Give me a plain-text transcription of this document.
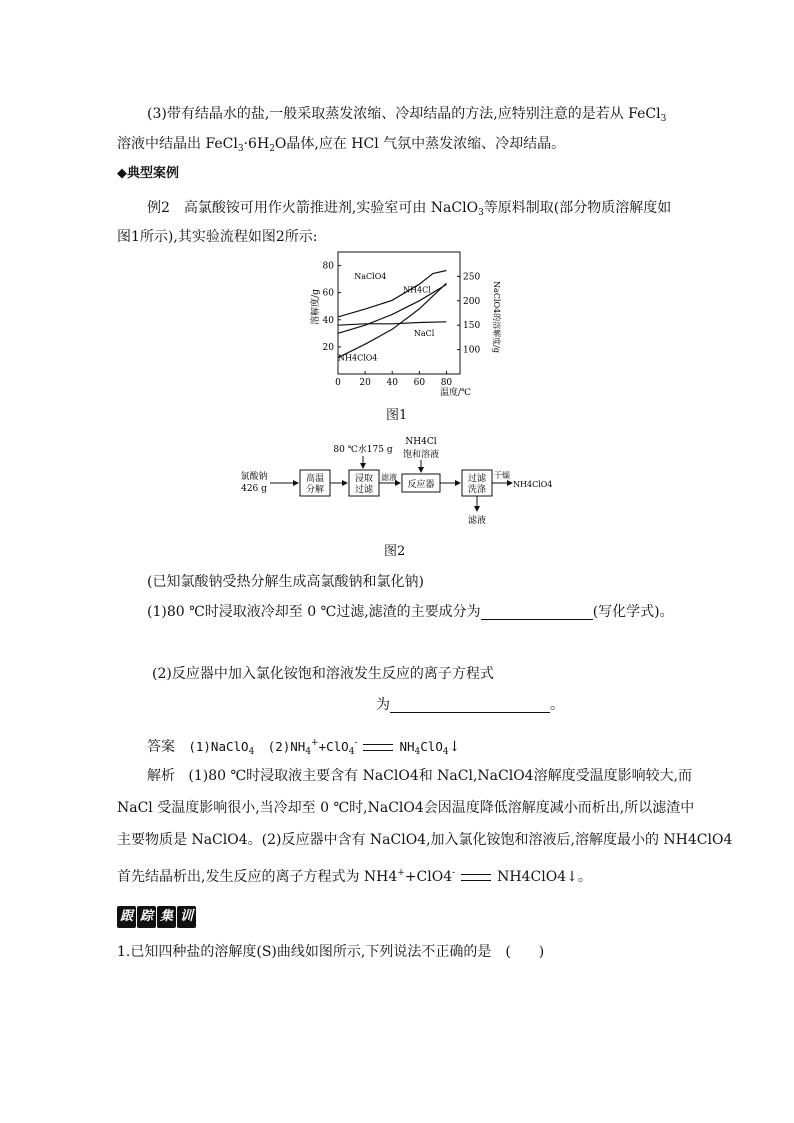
(3)带有结晶水的盐,一般采取蒸发浓缩、冷却结晶的方法,应特别注意的是若从 FeCl$_3$
溶液中结晶出 $FeCl_3\cdot 6H_2O$晶体,应在 HCl 气氛中蒸发浓缩、冷却结晶。
◆典型案例
例2　高氯酸铵可用作火箭推进剂,实验室可由 NaClO$_3$等原料制取(部分物质溶解度如
图1所示),其实验流程如图2所示:
0 20 40 60 80
20
40
60
80
100
150
200
250
NaClO4
NH4Cl
NaCl
NH4ClO4
溶解度/g	NaClO4的溶解度/g
温度/℃
图1
氯酸钠
426 g
高温
分解
80 ℃水175 g
浸取
过滤
滤液
NH4Cl
饱和溶液
反应器
过滤
洗涤
干燥
NH4ClO4
滤液
图2
(已知氯酸钠受热分解生成高氯酸钠和氯化钠)
(1)80 ℃时浸取液冷却至 0 ℃过滤,滤渣的主要成分为	(写化学式)。
(2)反应器中加入氯化铵饱和溶液发生反应的离子方程式
为	。
答案 (1)NaClO$_4$ $(2)NH_4^++ClO_4^-$	$NH_4ClO_4↓$
解析 (1)80 ℃时浸取液主要含有 NaClO4和 NaCl,NaClO4溶解度受温度影响较大,而
NaCl 受温度影响很小,当冷却至 0 ℃时,NaClO4会因温度降低溶解度减小而析出,所以滤渣中
主要物质是 NaClO4。(2)反应器中含有 NaClO4,加入氯化铵饱和溶液后,溶解度最小的 NH4ClO4
首先结晶析出,发生反应的离子方程式为 NH4++ClO4-	NH4ClO4↓。
跟 踪 集 训
1.已知四种盐的溶解度(S)曲线如图所示,下列说法不正确的是　(　　)
